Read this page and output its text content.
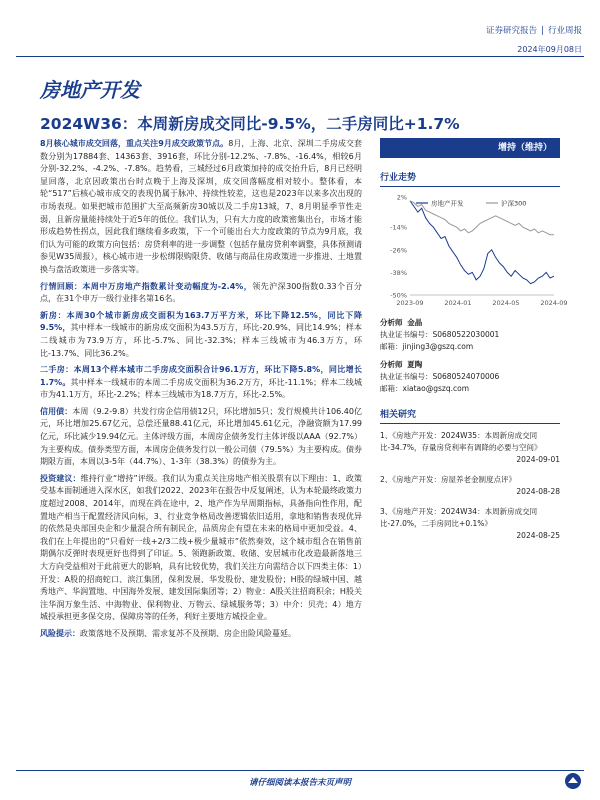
证券研究报告 | 行业周报
2024年09月08日
房地产开发
2024W36：本周新房成交同比-9.5%，二手房同比+1.7%

8月核心城市成交回落，重点关注9月成交政策节点。8月，上海、北京、深圳二手房成交套数分别为17884套、14363套、3916套，环比分别-12.2%、-7.8%、-16.4%，相较6月分别-32.2%、-4.2%、-7.8%。趋势看，三城经过6月政策加持的成交抬升后，8月已经明显回落，北京因政策出台时点晚于上海及深圳，成交回落幅度相对较小。整体看，本轮“517”后核心城市成交的表现仍属于脉冲、持续性较差，这也是2023年以来多次出现的市场表现。如果把城市范围扩大至高频新房30城以及二手房13城，7、8月明显季节性走弱，且新房量能持续处于近5年的低位。我们认为，只有大力度的政策密集出台，市场才能形成趋势性拐点，因此我们继续看多政策，下一个可能出台大力度政策的节点为9月底，我们认为可能的政策方向包括：房贷利率的进一步调整（包括存量房贷利率调整，具体预测请参见W35周报），核心城市进一步松绑限购限贷、收储与商品住房政策进一步推进、土地置换与盘活政策进一步落实等。

行情回顾：本周中万房地产指数累计变动幅度为-2.4%，领先沪深300指数0.33个百分点，在31个申万一级行业排名第16名。

新房：本周30个城市新房成交面积为163.7万平方米，环比下降12.5%，同比下降9.5%，其中样本一线城市的新房成交面积为43.5万方，环比-20.9%、同比14.9%；样本二线城市为73.9万方，环比-5.7%、同比-32.3%；样本三线城市为46.3万方，环比-13.7%、同比36.2%。

二手房：本周13个样本城市二手房成交面积合计96.1万方，环比下降5.8%，同比增长1.7%。其中样本一线城市的本周二手房成交面积为36.2万方，环比-11.1%；样本二线城市为41.1万方，环比-2.2%；样本三线城市为18.7万方，环比-2.5%。

信用债：本周（9.2-9.8）共发行房企信用债12只，环比增加5只；发行规模共计106.40亿元，环比增加25.67亿元，总偿还量88.41亿元，环比增加45.61亿元，净融资额为17.99亿元，环比减少19.94亿元。主体评级方面，本周房企债务发行主体评级以AAA（92.7%）为主要构成。债券类型方面，本周房企债务发行以一般公司债（79.5%）为主要构成。债券期限方面，本周以3-5年（44.7%）、1-3年（38.3%）的债券为主。

投资建议：维持行业“增持”评级。我们认为重点关注房地产相关股票有以下理由：1、政策受基本面制通进入深水区，如我们2022、2023年在报告中反复阐述，认为本轮最终政策力度超过2008、2014年，而现在尚在途中，2、地产作为早周期指标，具备指向性作用，配置地产相当于配置经济风向标，3、行业竞争格局改善逻辑依旧适用，拿地和销售表现优异的依然是央部国央企和少量混合所有制民企，品质房企有望在未来的格局中更加受益。4、我们在上年提出的“只看好一线+2/3二线+极少量城市”依然奏效，这个城市组合在销售前期偶尔反弹时表现更好也得到了印证。5、领跑新政策、收储、安居城市化改造最新落地三大方向受益相对于此前更大的影响，具有比较优势，我们关注方向需结合以下四类主体：1）开发：A股的招商蛇口、滨江集团，保利发展、华发股份、建发股份；H股的绿城中国、越秀地产、华润置地、中国海外发展、建发国际集团等；2）物业：A股关注招商积余；H股关注华润万象生活、中海物业、保利物业、万物云、绿城服务等；3）中介：贝壳；4）地方城投承担更多保交房、保障房等的任务，利好主要地方城投企业。

风险提示：政策落地不及预期、需求复苏不及预期、房企出险风险蔓延。

增持（维持）
行业走势
2%
-14%
-26%
-38%
-50%
2023-09	2024-01	2024-05	2024-09
房地产开发	沪深300
分析师 金晶
执业证书编号：S0680522030001
邮箱：jinjing3@gszq.com
分析师 夏陶
执业证书编号：S0680524070006
邮箱：xiatao@gszq.com
相关研究
1、《房地产开发：2024W35：本周新房成交同比-34.7%，存量房贷利率有调降的必要与空间》
2024-09-01
2、《房地产开发：房屋养老金制度点评》
2024-08-28
3、《房地产开发：2024W34：本周新房成交同比-27.0%，二手房同比+0.1%》
2024-08-25
请仔细阅读本报告末页声明
